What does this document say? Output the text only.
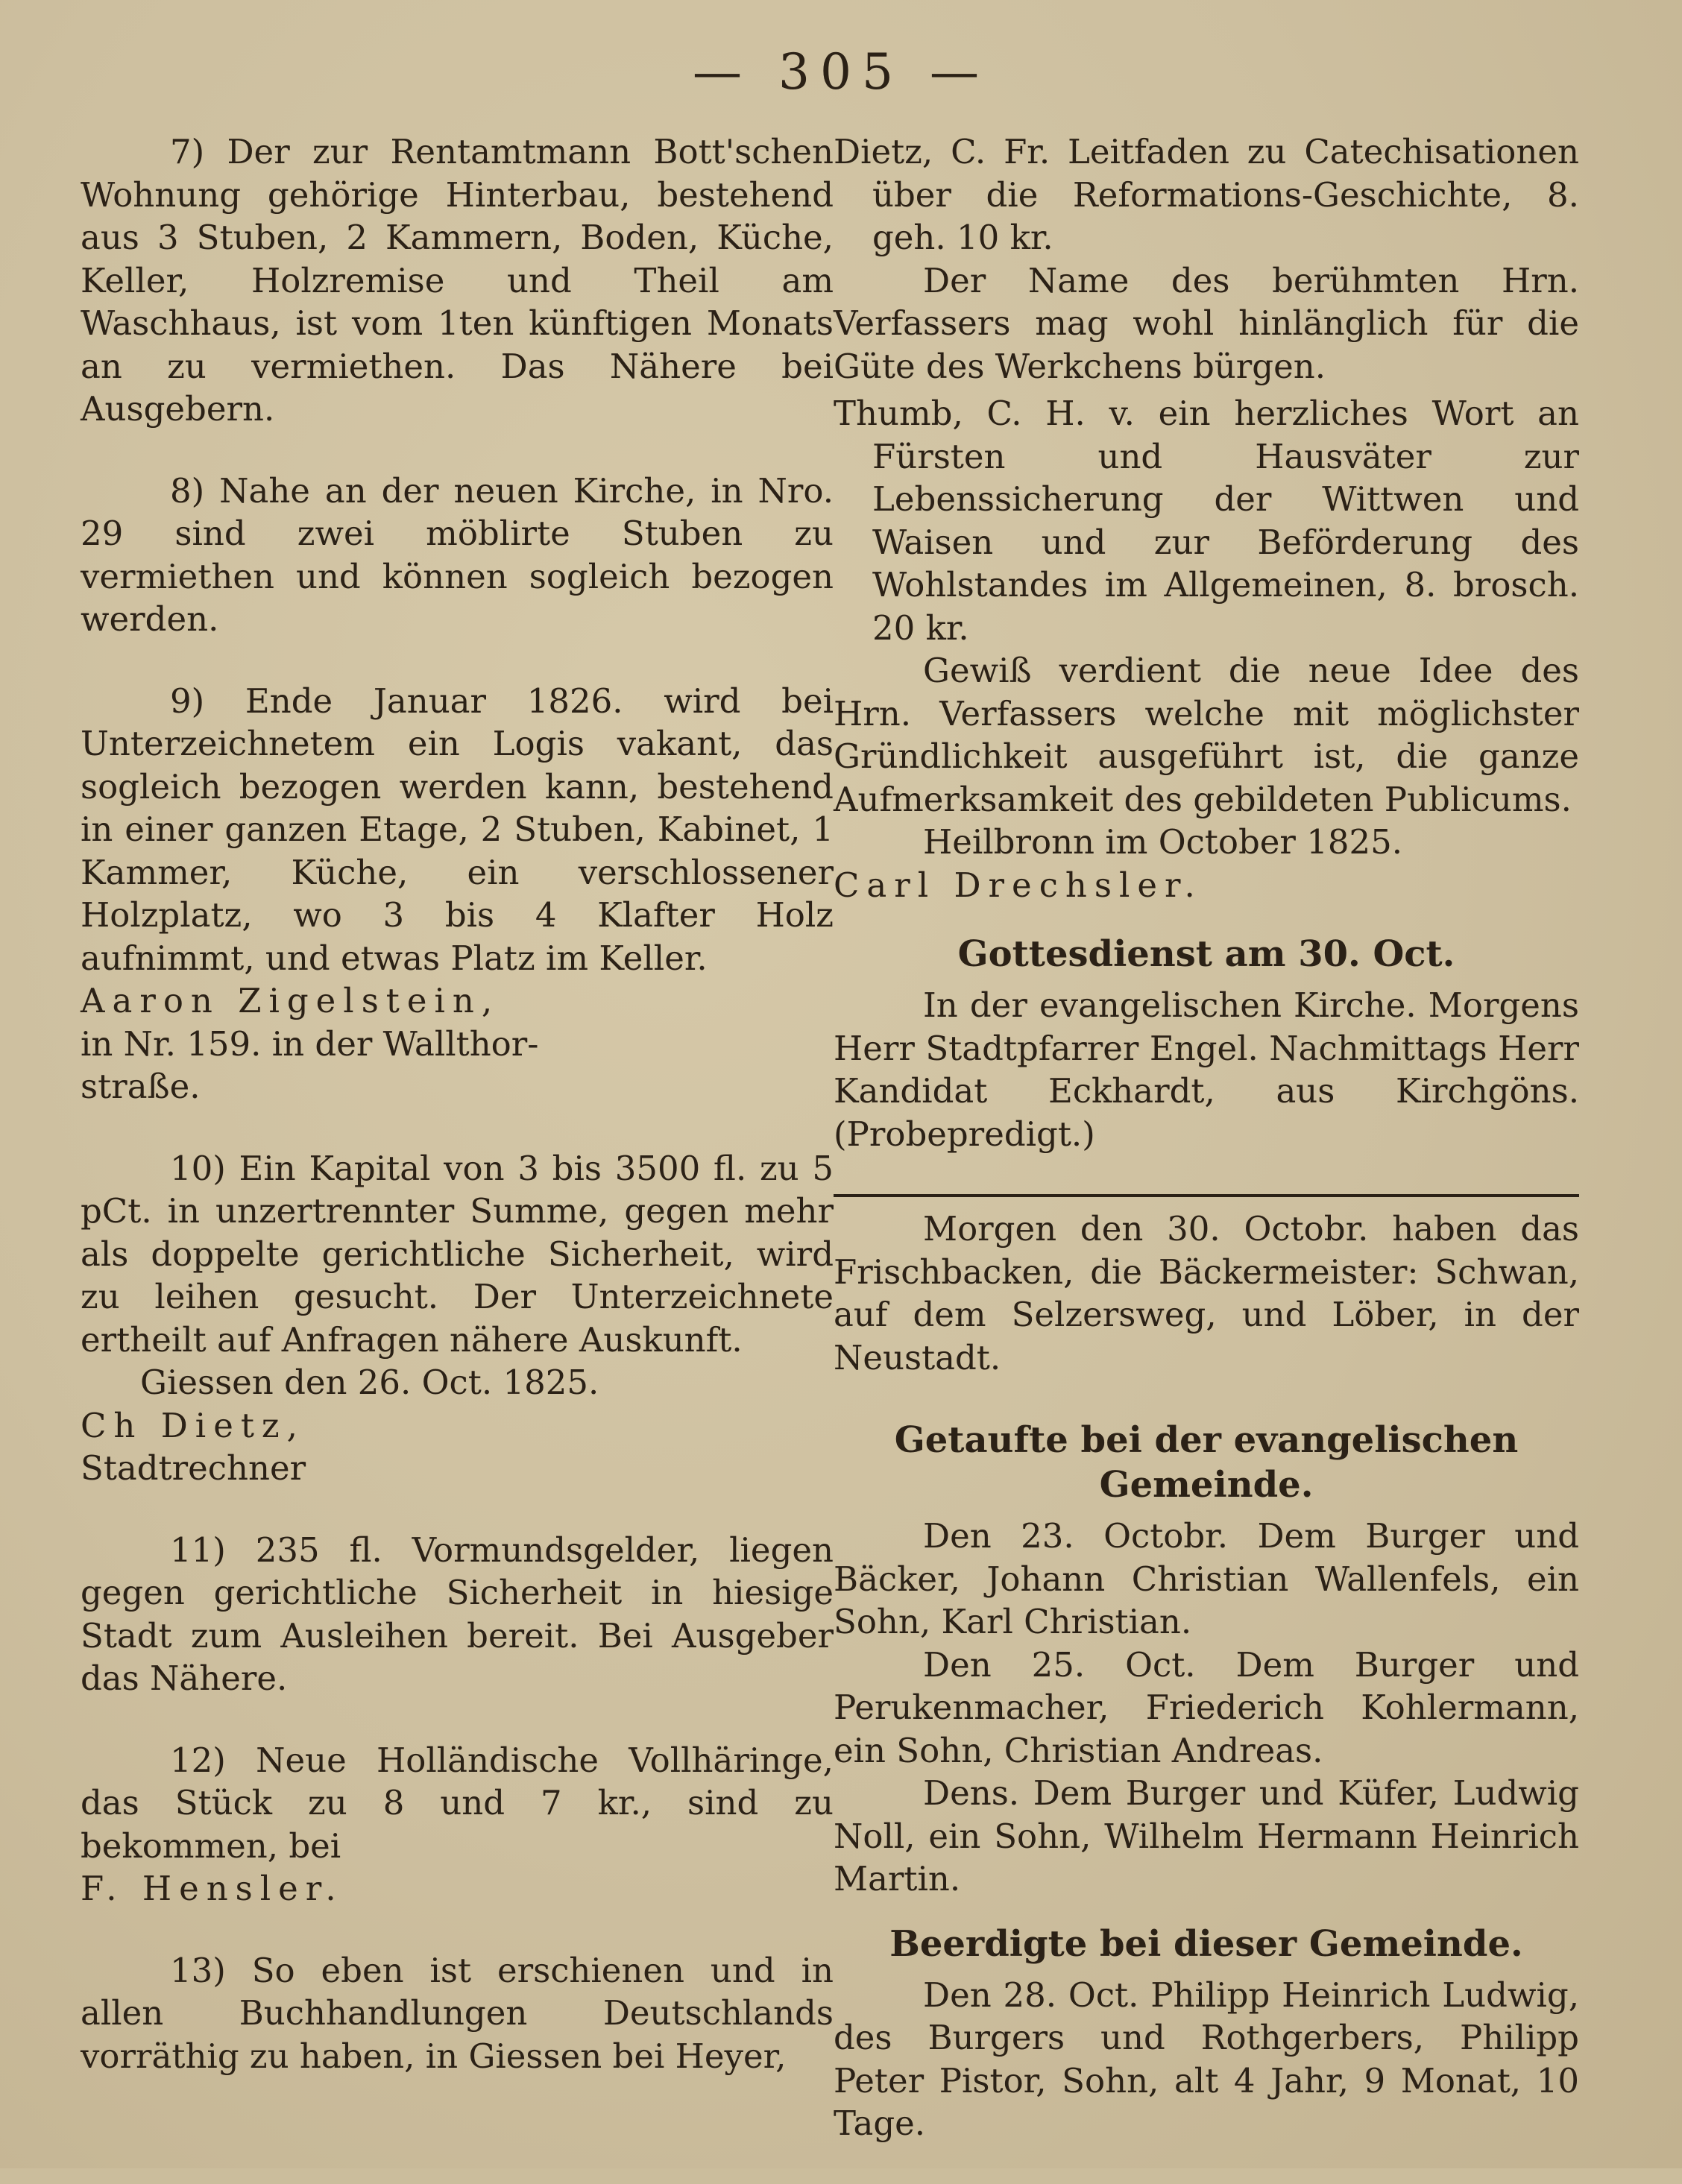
— 305 —

7) Der zur Rentamtmann Bott'schen Wohnung gehörige Hinterbau, bestehend aus 3 Stuben, 2 Kammern, Boden, Küche, Keller, Holzremise und Theil am Waschhaus, ist vom 1ten künftigen Monats an zu vermiethen. Das Nähere bei Ausgebern.

8) Nahe an der neuen Kirche, in Nro. 29 sind zwei möblirte Stuben zu vermiethen und können sogleich bezogen werden.

9) Ende Januar 1826. wird bei Unterzeichnetem ein Logis vakant, das sogleich bezogen werden kann, bestehend in einer ganzen Etage, 2 Stuben, Kabinet, 1 Kammer, Küche, ein verschlossener Holzplatz, wo 3 bis 4 Klafter Holz aufnimmt, und etwas Platz im Keller.

Aaron Zigelstein,

in Nr. 159. in der Wallthor-

straße.

10) Ein Kapital von 3 bis 3500 fl. zu 5 pCt. in unzertrennter Summe, gegen mehr als doppelte gerichtliche Sicherheit, wird zu leihen gesucht. Der Unterzeichnete ertheilt auf Anfragen nähere Auskunft.

Giessen den 26. Oct. 1825.

Ch Dietz,

Stadtrechner

11) 235 fl. Vormundsgelder, liegen gegen gerichtliche Sicherheit in hiesige Stadt zum Ausleihen bereit. Bei Ausgeber das Nähere.

12) Neue Holländische Vollhäringe, das Stück zu 8 und 7 kr., sind zu bekommen, bei

F. Hensler.

13) So eben ist erschienen und in allen Buchhandlungen Deutschlands vorräthig zu haben, in Giessen bei Heyer,

Dietz, C. Fr. Leitfaden zu Catechisationen über die Reformations-Geschichte, 8. geh. 10 kr.

Der Name des berühmten Hrn. Verfassers mag wohl hinlänglich für die Güte des Werkchens bürgen.

Thumb, C. H. v. ein herzliches Wort an Fürsten und Hausväter zur Lebenssicherung der Wittwen und Waisen und zur Beförderung des Wohlstandes im Allgemeinen, 8. brosch. 20 kr.

Gewiß verdient die neue Idee des Hrn. Verfassers welche mit möglichster Gründlichkeit ausgeführt ist, die ganze Aufmerksamkeit des gebildeten Publicums.

Heilbronn im October 1825.

Carl Drechsler.

Gottesdienst am 30. Oct.

In der evangelischen Kirche. Morgens Herr Stadtpfarrer Engel. Nachmittags Herr Kandidat Eckhardt, aus Kirchgöns. (Probepredigt.)

Morgen den 30. Octobr. haben das Frischbacken, die Bäckermeister: Schwan, auf dem Selzersweg, und Löber, in der Neustadt.

Getaufte bei der evangelischen
Gemeinde.

Den 23. Octobr. Dem Burger und Bäcker, Johann Christian Wallenfels, ein Sohn, Karl Christian.

Den 25. Oct. Dem Burger und Perukenmacher, Friederich Kohlermann, ein Sohn, Christian Andreas.

Dens. Dem Burger und Küfer, Ludwig Noll, ein Sohn, Wilhelm Hermann Heinrich Martin.

Beerdigte bei dieser Gemeinde.

Den 28. Oct. Philipp Heinrich Ludwig, des Burgers und Rothgerbers, Philipp Peter Pistor, Sohn, alt 4 Jahr, 9 Monat, 10 Tage.
